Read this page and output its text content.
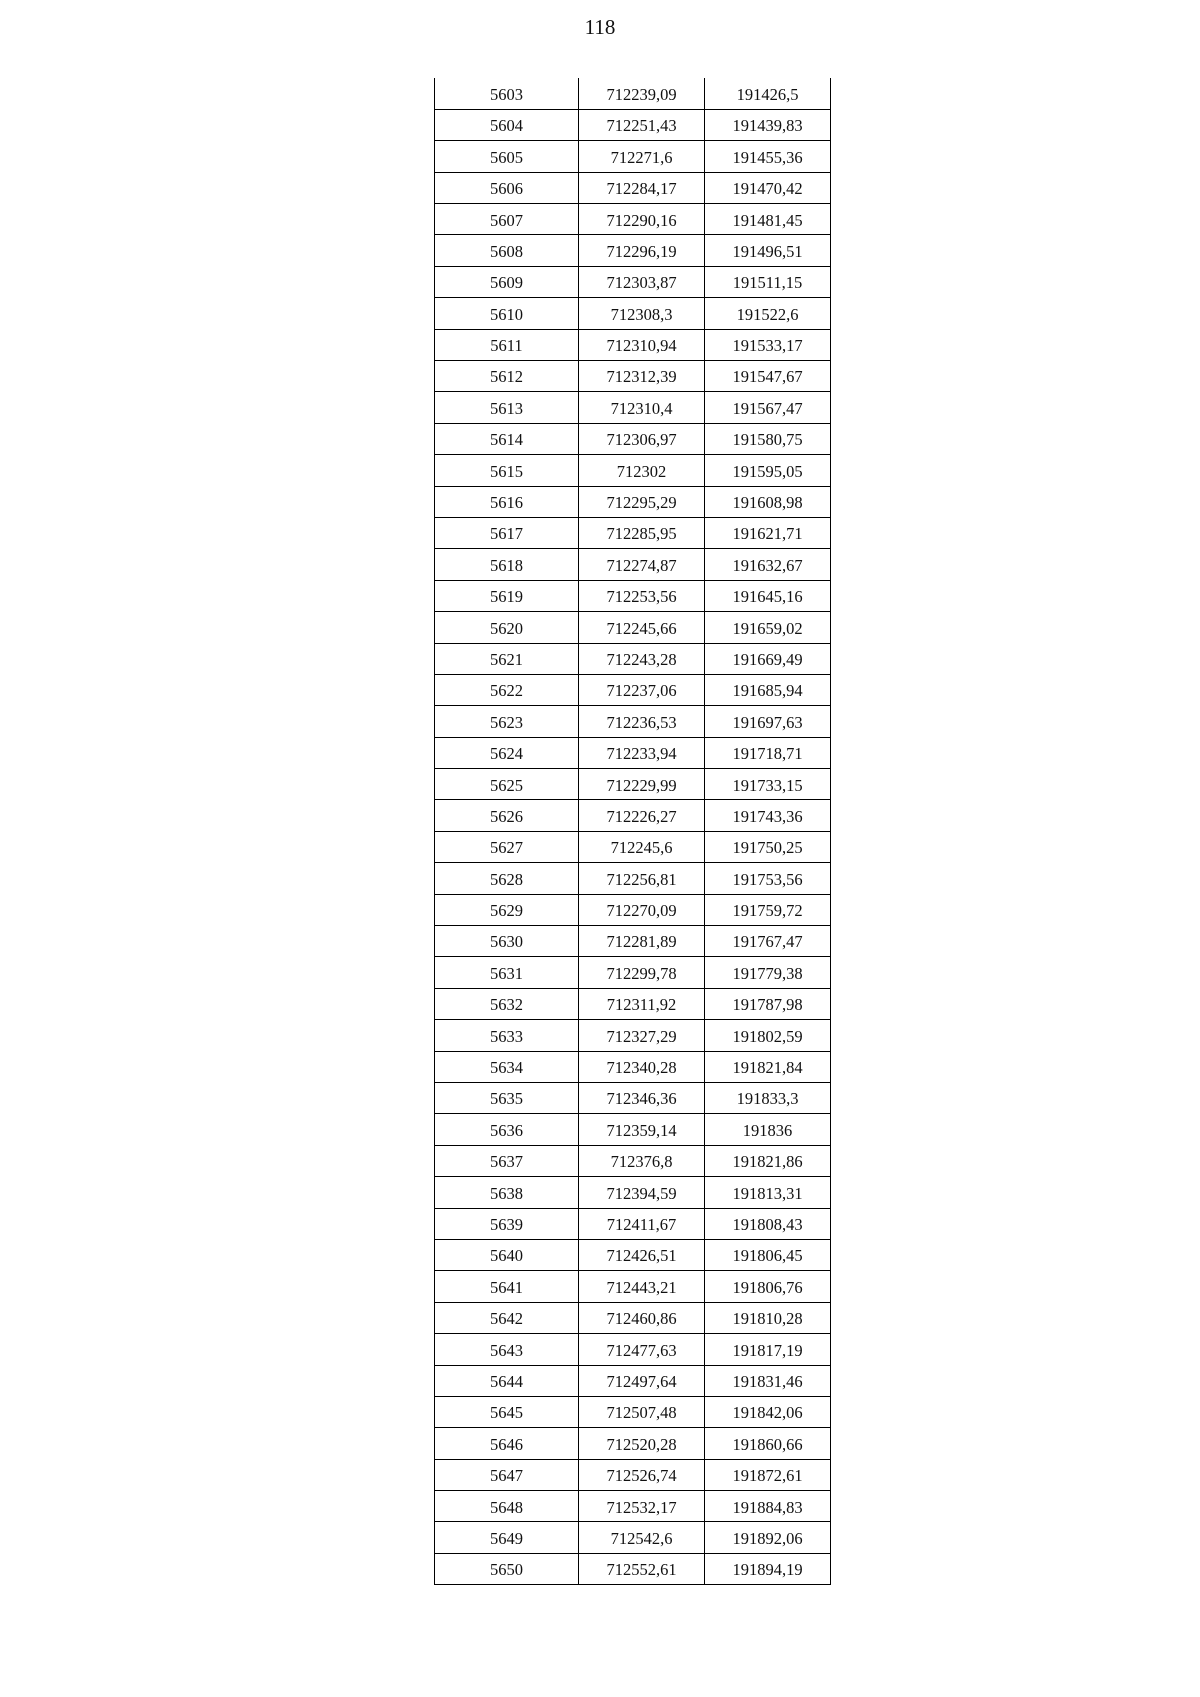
118
5603	712239,09	191426,5
5604	712251,43	191439,83
5605	712271,6	191455,36
5606	712284,17	191470,42
5607	712290,16	191481,45
5608	712296,19	191496,51
5609	712303,87	191511,15
5610	712308,3	191522,6
5611	712310,94	191533,17
5612	712312,39	191547,67
5613	712310,4	191567,47
5614	712306,97	191580,75
5615	712302	191595,05
5616	712295,29	191608,98
5617	712285,95	191621,71
5618	712274,87	191632,67
5619	712253,56	191645,16
5620	712245,66	191659,02
5621	712243,28	191669,49
5622	712237,06	191685,94
5623	712236,53	191697,63
5624	712233,94	191718,71
5625	712229,99	191733,15
5626	712226,27	191743,36
5627	712245,6	191750,25
5628	712256,81	191753,56
5629	712270,09	191759,72
5630	712281,89	191767,47
5631	712299,78	191779,38
5632	712311,92	191787,98
5633	712327,29	191802,59
5634	712340,28	191821,84
5635	712346,36	191833,3
5636	712359,14	191836
5637	712376,8	191821,86
5638	712394,59	191813,31
5639	712411,67	191808,43
5640	712426,51	191806,45
5641	712443,21	191806,76
5642	712460,86	191810,28
5643	712477,63	191817,19
5644	712497,64	191831,46
5645	712507,48	191842,06
5646	712520,28	191860,66
5647	712526,74	191872,61
5648	712532,17	191884,83
5649	712542,6	191892,06
5650	712552,61	191894,19
